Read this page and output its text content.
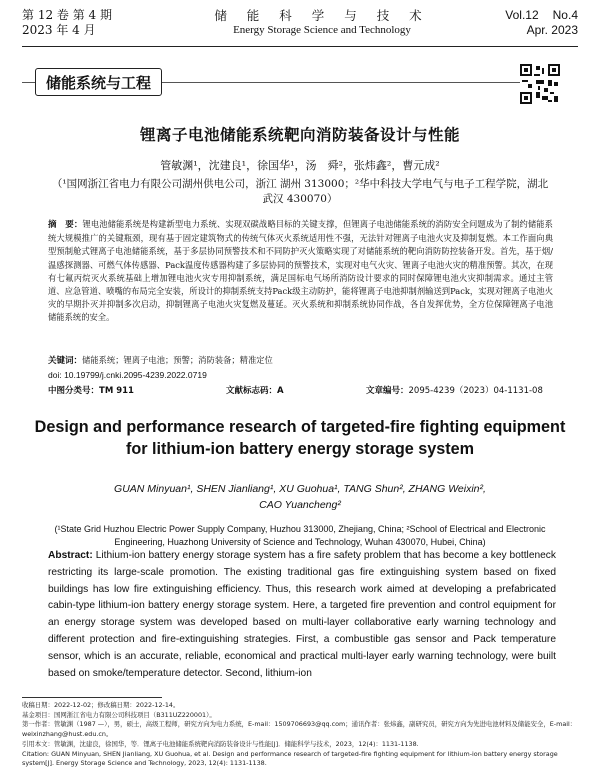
第 12 卷 第 4 期
2023 年 4 月
储 能 科 学 与 技 术
Energy Storage Science and Technology
Vol.12 No.4
Apr. 2023
储能系统与工程
锂离子电池储能系统靶向消防装备设计与性能
管敏渊¹，沈建良¹，徐国华¹，汤　舜²，张炜鑫²，曹元成²
（¹国网浙江省电力有限公司湖州供电公司，浙江 湖州 313000；²华中科技大学电气与电子工程学院，湖北 武汉 430070）
摘　要：锂电池储能系统是构建新型电力系统、实现双碳战略目标的关键支撑，但锂离子电池储能系统的消防安全问题成为了制约储能系统大规模推广的关键瓶颈，现有基于固定建筑物式的传统气体灭火系统适用性不强，无法针对锂离子电池火灾及抑制复燃。本工作面向典型预制舱式锂离子电池储能系统，基于多层协同预警技术和不同防护灭火策略实现了对储能系统的靶向消防防控装备开发。首先，基于烟/温感探测器、可燃气体传感器、Pack温度传感器构建了多层协同的预警技术，实现对电气火灾、锂离子电池火灾的精准预警。其次，在现有七氟丙烷灭火系统基础上增加锂电池火灾专用抑制系统，满足国标电气场所消防设计要求的同时保障锂电池火灾抑制需求。通过主管道、应急管道、喷嘴的布局完全安装，所设计的抑制系统支持Pack级主动防护，能将锂离子电池抑制剂输送到Pack，实现对锂离子电池火灾的早期扑灭并抑制多次启动，抑制锂离子电池火灾复燃及蔓延。灭火系统和抑制系统协同作战，各自发挥优势，全方位保障锂离子电池储能系统的安全。
关键词：储能系统；锂离子电池；预警；消防装备；精准定位
doi: 10.19799/j.cnki.2095-4239.2022.0719
中图分类号：TM 911	文献标志码：A	文章编号：2095-4239（2023）04-1131-08
Design and performance research of targeted-fire fighting equipment for lithium-ion battery energy storage system
GUAN Minyuan¹, SHEN Jianliang¹, XU Guohua¹, TANG Shun², ZHANG Weixin²,
CAO Yuancheng²
(¹State Grid Huzhou Electric Power Supply Company, Huzhou 313000, Zhejiang, China; ²School of Electrical and Electronic Engineering, Huazhong University of Science and Technology, Wuhan 430070, Hubei, China)
Abstract: Lithium-ion battery energy storage system has a fire safety problem that has become a key bottleneck restricting its large-scale promotion. The existing traditional gas fire extinguishing system based on fixed buildings has low fire extinguishing efficiency. Thus, this research work aimed at developing a prefabricated cabin-type lithium-ion battery energy storage system. Here, a targeted fire prevention and control equipment for an energy storage system was developed based on multi-layer collaborative early warning technology and different protection and fire-extinguishing strategies. First, a combustible gas sensor and Pack temperature sensor, which is an accurate, reliable, economical and practical multi-layer early warning technology, were built based on smoke/temperature detector. Second, lithium-ion
收稿日期：2022-12-02；修改稿日期：2022-12-14。
基金项目：国网浙江省电力有限公司科技项目（B311UZ220001）。
第一作者：管敏渊（1987 —），男，硕士，高级工程师，研究方向为电力系统，E-mail：1509706693@qq.com；通讯作者：张炜鑫，副研究员，研究方向为先进电池材料及储能安全，E-mail：weixinzhang@hust.edu.cn。
引用本文：管敏渊，沈建良，徐国华，等．锂离子电池储能系统靶向消防装备设计与性能[J]．储能科学与技术，2023，12(4)：1131-1138.
Citation: GUAN Minyuan, SHEN Jianliang, XU Guohua, et al. Design and performance research of targeted-fire fighting equipment for lithium-ion battery energy storage system[J]. Energy Storage Science and Technology, 2023, 12(4): 1131-1138.
